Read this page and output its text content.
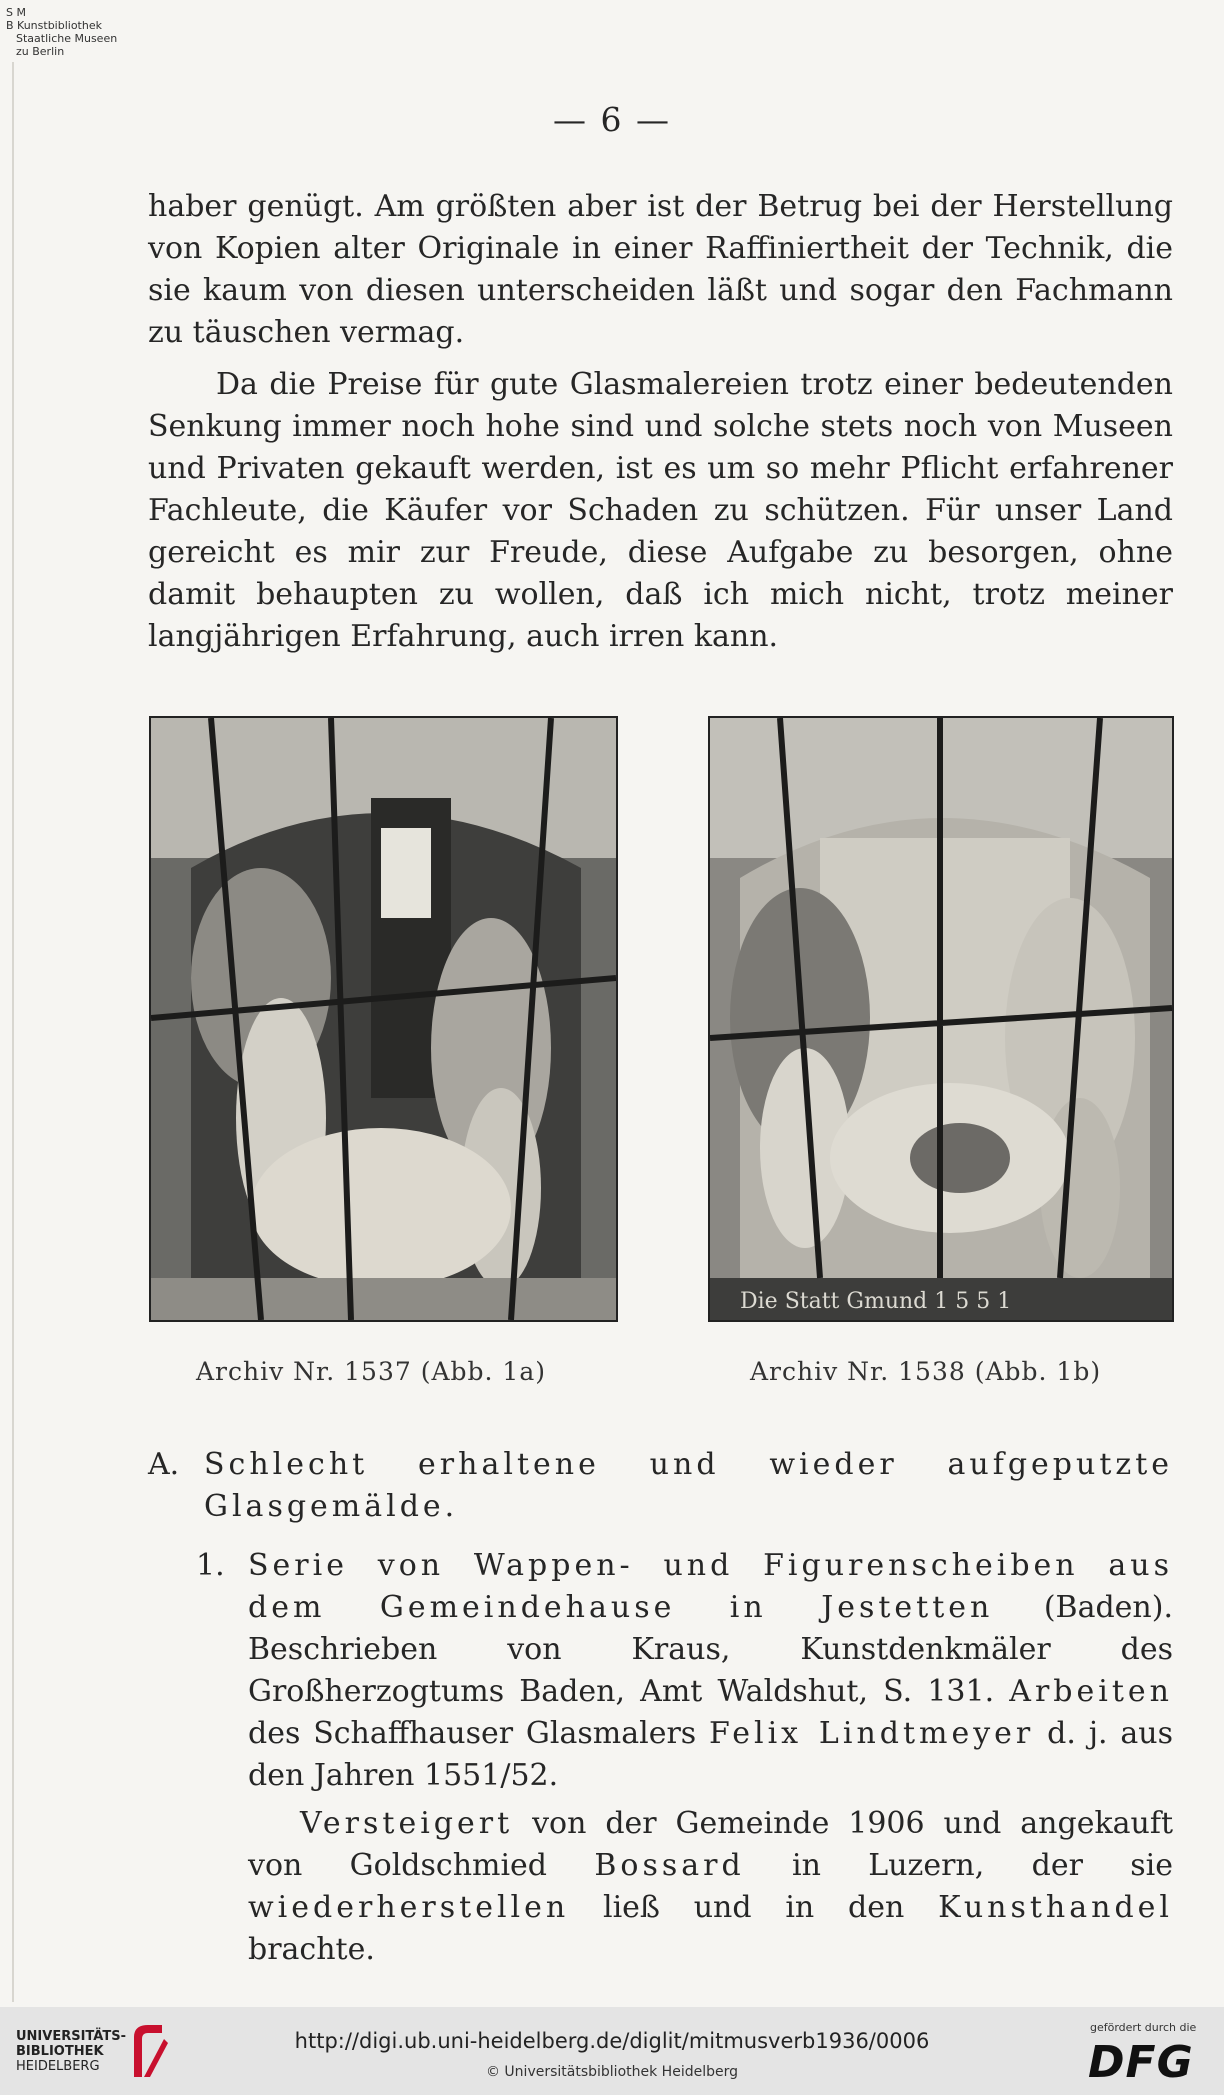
S M
B Kunstbibliothek
Staatliche Museen
zu Berlin
— 6 —

haber genügt. Am größten aber ist der Betrug bei der Herstellung von Kopien alter Originale in einer Raffiniertheit der Technik, die sie kaum von diesen unterscheiden läßt und sogar den Fachmann zu täuschen vermag.

Da die Preise für gute Glasmalereien trotz einer bedeutenden Senkung immer noch hohe sind und solche stets noch von Museen und Privaten gekauft werden, ist es um so mehr Pflicht erfahrener Fachleute, die Käufer vor Schaden zu schützen. Für unser Land gereicht es mir zur Freude, diese Aufgabe zu besorgen, ohne damit behaupten zu wollen, daß ich mich nicht, trotz meiner langjährigen Erfahrung, auch irren kann.

Die Statt Gmund 1 5 5 1
Archiv Nr. 1537 (Abb. 1a)	Archiv Nr. 1538 (Abb. 1b)
A. Schlecht erhaltene und wieder aufgeputzte Glasgemälde.
1. Serie von Wappen- und Figurenscheiben aus dem Gemeindehause in Jestetten (Baden). Beschrieben von Kraus, Kunstdenkmäler des Großherzogtums Baden, Amt Waldshut, S. 131. Arbeiten des Schaffhauser Glasmalers Felix Lindtmeyer d. j. aus den Jahren 1551/52.
Versteigert von der Gemeinde 1906 und angekauft von Goldschmied Bossard in Luzern, der sie wiederherstellen ließ und in den Kunsthandel brachte.
UNIVERSITÄTS-
BIBLIOTHEK
HEIDELBERG
http://digi.ub.uni-heidelberg.de/diglit/mitmusverb1936/0006
© Universitätsbibliothek Heidelberg
gefördert durch die
DFG
